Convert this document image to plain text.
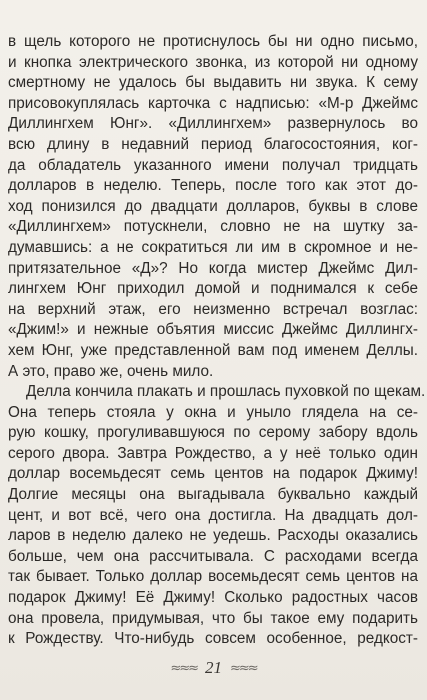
в щель которого не протиснулось бы ни одно письмо,
и кнопка электрического звонка, из которой ни одному
смертному не удалось бы выдавить ни звука. К сему
присовокуплялась карточка с надписью: «М-р Джеймс
Диллингхем Юнг». «Диллингхем» развернулось во
всю длину в недавний период благосостояния, ког-
да обладатель указанного имени получал тридцать
долларов в неделю. Теперь, после того как этот до-
ход понизился до двадцати долларов, буквы в слове
«Диллингхем» потускнели, словно не на шутку за-
думавшись: а не сократиться ли им в скромное и не-
притязательное «Д»? Но когда мистер Джеймс Дил-
лингхем Юнг приходил домой и поднимался к себе
на верхний этаж, его неизменно встречал возглас:
«Джим!» и нежные объятия миссис Джеймс Диллингх-
хем Юнг, уже представленной вам под именем Деллы.
А это, право же, очень мило.
Делла кончила плакать и прошлась пуховкой по щекам.
Она теперь стояла у окна и уныло глядела на се-
рую кошку, прогуливавшуюся по серому забору вдоль
серого двора. Завтра Рождество, а у неё только один
доллар восемьдесят семь центов на подарок Джиму!
Долгие месяцы она выгадывала буквально каждый
цент, и вот всё, чего она достигла. На двадцать дол-
ларов в неделю далеко не уедешь. Расходы оказались
больше, чем она рассчитывала. С расходами всегда
так бывает. Только доллар восемьдесят семь центов на
подарок Джиму! Её Джиму! Сколько радостных часов
она провела, придумывая, что бы такое ему подарить
к Рождеству. Что-нибудь совсем особенное, редкост-
≈≈≈ 21 ≈≈≈
